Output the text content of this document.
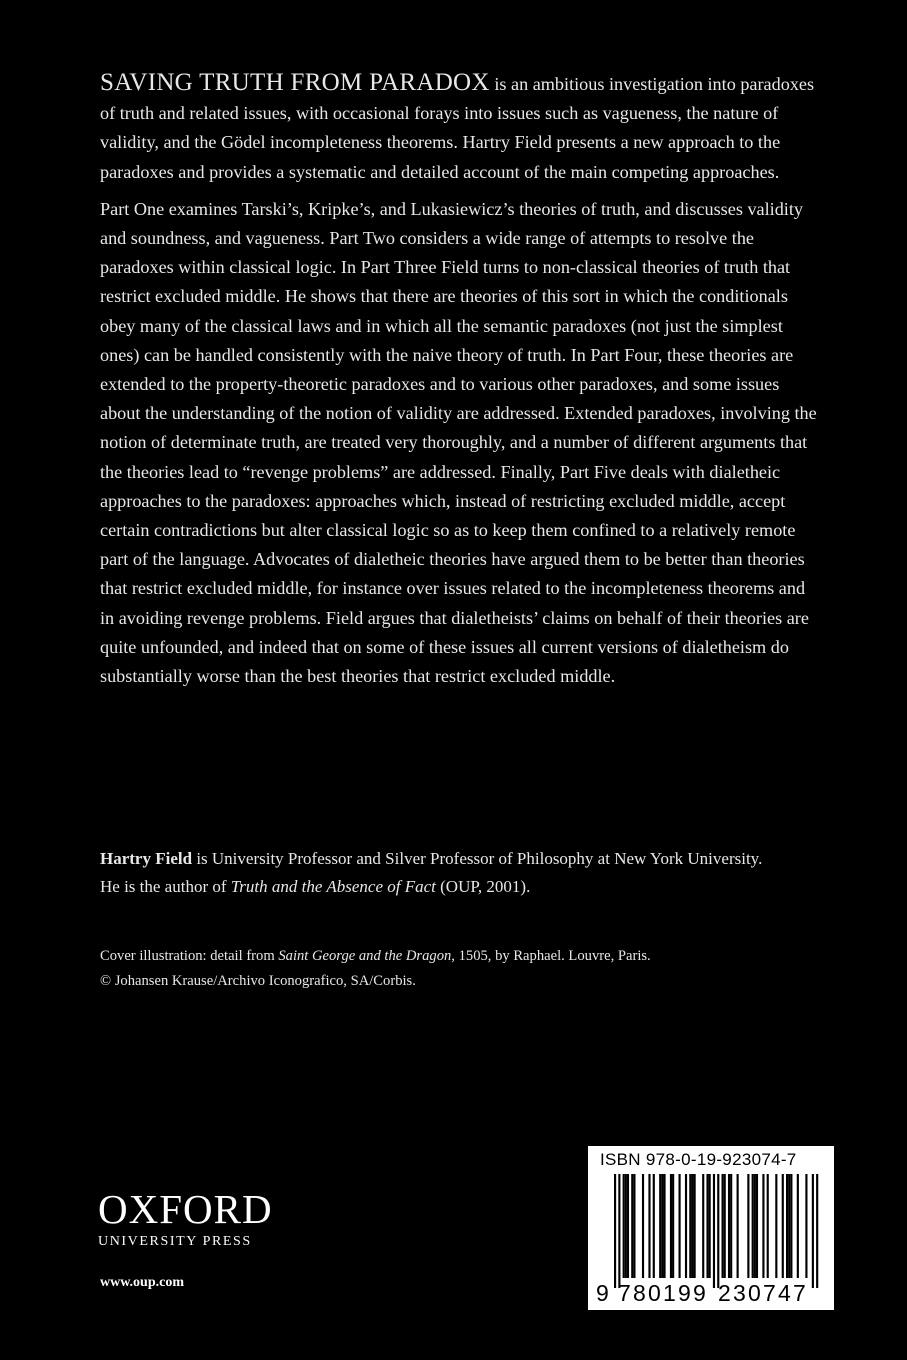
SAVING TRUTH FROM PARADOX is an ambitious investigation into paradoxes of truth and related issues, with occasional forays into issues such as vagueness, the nature of validity, and the Gödel incompleteness theorems. Hartry Field presents a new approach to the paradoxes and provides a systematic and detailed account of the main competing approaches.

Part One examines Tarski’s, Kripke’s, and Lukasiewicz’s theories of truth, and discusses validity and soundness, and vagueness. Part Two considers a wide range of attempts to resolve the paradoxes within classical logic. In Part Three Field turns to non-classical theories of truth that restrict excluded middle. He shows that there are theories of this sort in which the conditionals obey many of the classical laws and in which all the semantic paradoxes (not just the simplest ones) can be handled consistently with the naive theory of truth. In Part Four, these theories are extended to the property-theoretic paradoxes and to various other paradoxes, and some issues about the understanding of the notion of validity are addressed. Extended paradoxes, involving the notion of determinate truth, are treated very thoroughly, and a number of different arguments that the theories lead to “revenge problems” are addressed. Finally, Part Five deals with dialetheic approaches to the paradoxes: approaches which, instead of restricting excluded middle, accept certain contradictions but alter classical logic so as to keep them confined to a relatively remote part of the language. Advocates of dialetheic theories have argued them to be better than theories that restrict excluded middle, for instance over issues related to the incompleteness theorems and in avoiding revenge problems. Field argues that dialetheists’ claims on behalf of their theories are quite unfounded, and indeed that on some of these issues all current versions of dialetheism do substantially worse than the best theories that restrict excluded middle.

Hartry Field is University Professor and Silver Professor of Philosophy at New York University.

He is the author of Truth and the Absence of Fact (OUP, 2001).

Cover illustration: detail from Saint George and the Dragon, 1505, by Raphael. Louvre, Paris.

© Johansen Krause/Archivo Iconografico, SA/Corbis.

OXFORD
UNIVERSITY PRESS
www.oup.com
ISBN 978-0-19-923074-7
9 780199 230747
